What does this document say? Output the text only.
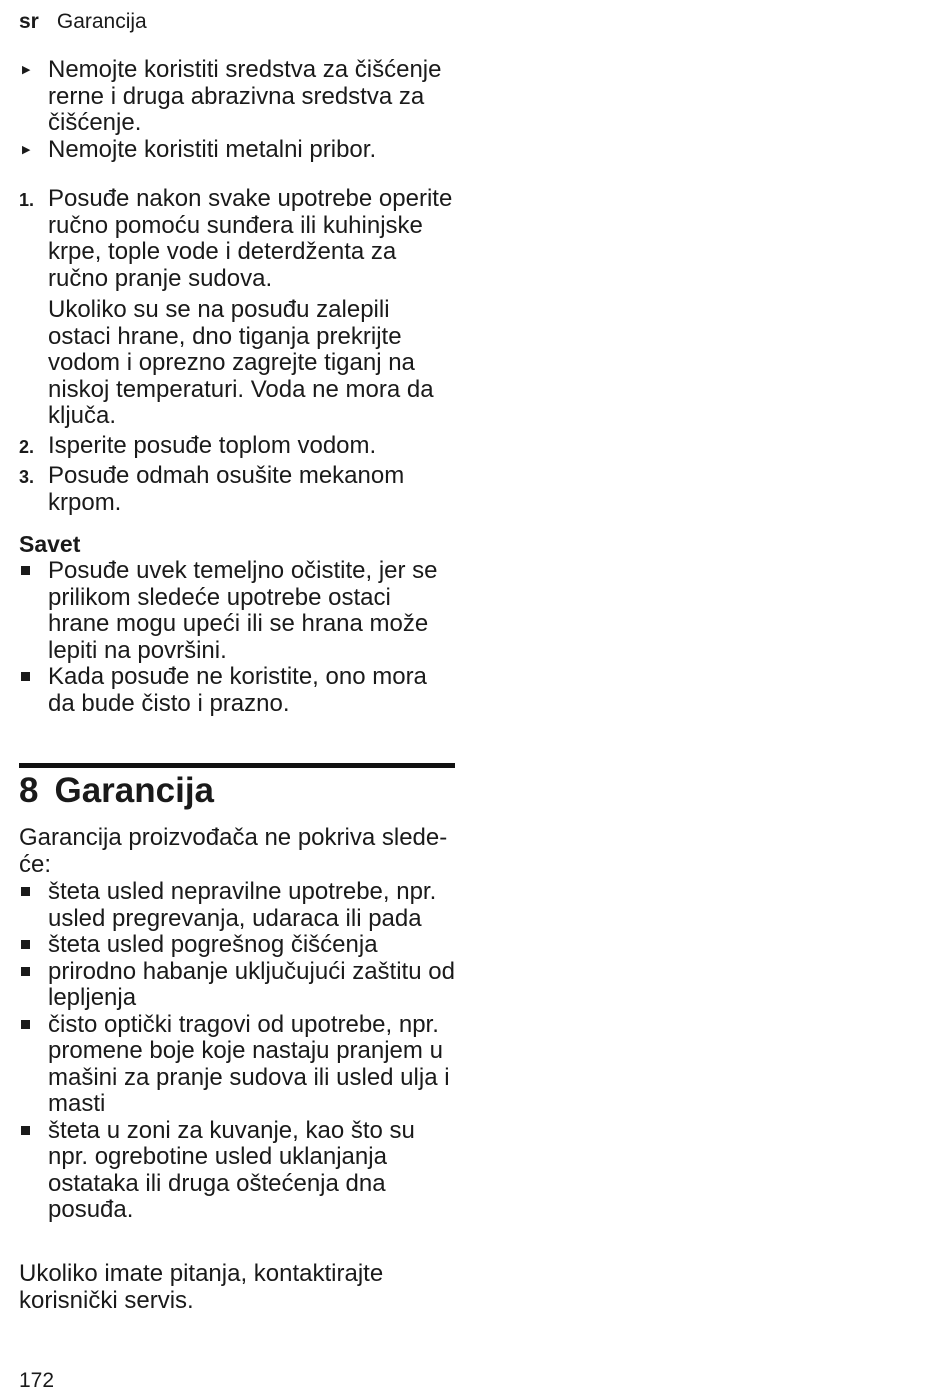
sr Garancija
▶ Nemojte koristiti sredstva za čišćenje rerne i druga abrazivna sredstva za čišćenje.
▶ Nemojte koristiti metalni pribor.
1. Posuđe nakon svake upotrebe operite ručno pomoću sunđera ili kuhinjske krpe, tople vode i deterdženta za ručno pranje sudova.

Ukoliko su se na posuđu zalepili ostaci hrane, dno tiganja prekrijte vodom i oprezno zagrejte tiganj na niskoj temperaturi. Voda ne mora da ključa.

2. Isperite posuđe toplom vodom.

3. Posuđe odmah osušite mekanom krpom.

Savet
Posuđe uvek temeljno očistite, jer se prilikom sledeće upotrebe ostaci hrane mogu upeći ili se hrana može lepiti na površini.
Kada posuđe ne koristite, ono mora da bude čisto i prazno.
8 Garancija

Garancija proizvođača ne pokriva sledeće:

šteta usled nepravilne upotrebe, npr. usled pregrevanja, udaraca ili pada
šteta usled pogrešnog čišćenja
prirodno habanje uključujući zaštitu od lepljenja
čisto optički tragovi od upotrebe, npr. promene boje koje nastaju pranjem u mašini za pranje sudova ili usled ulja i masti
šteta u zoni za kuvanje, kao što su npr. ogrebotine usled uklanjanja ostataka ili druga oštećenja dna posuđa.

Ukoliko imate pitanja, kontaktirajte korisnički servis.

172
